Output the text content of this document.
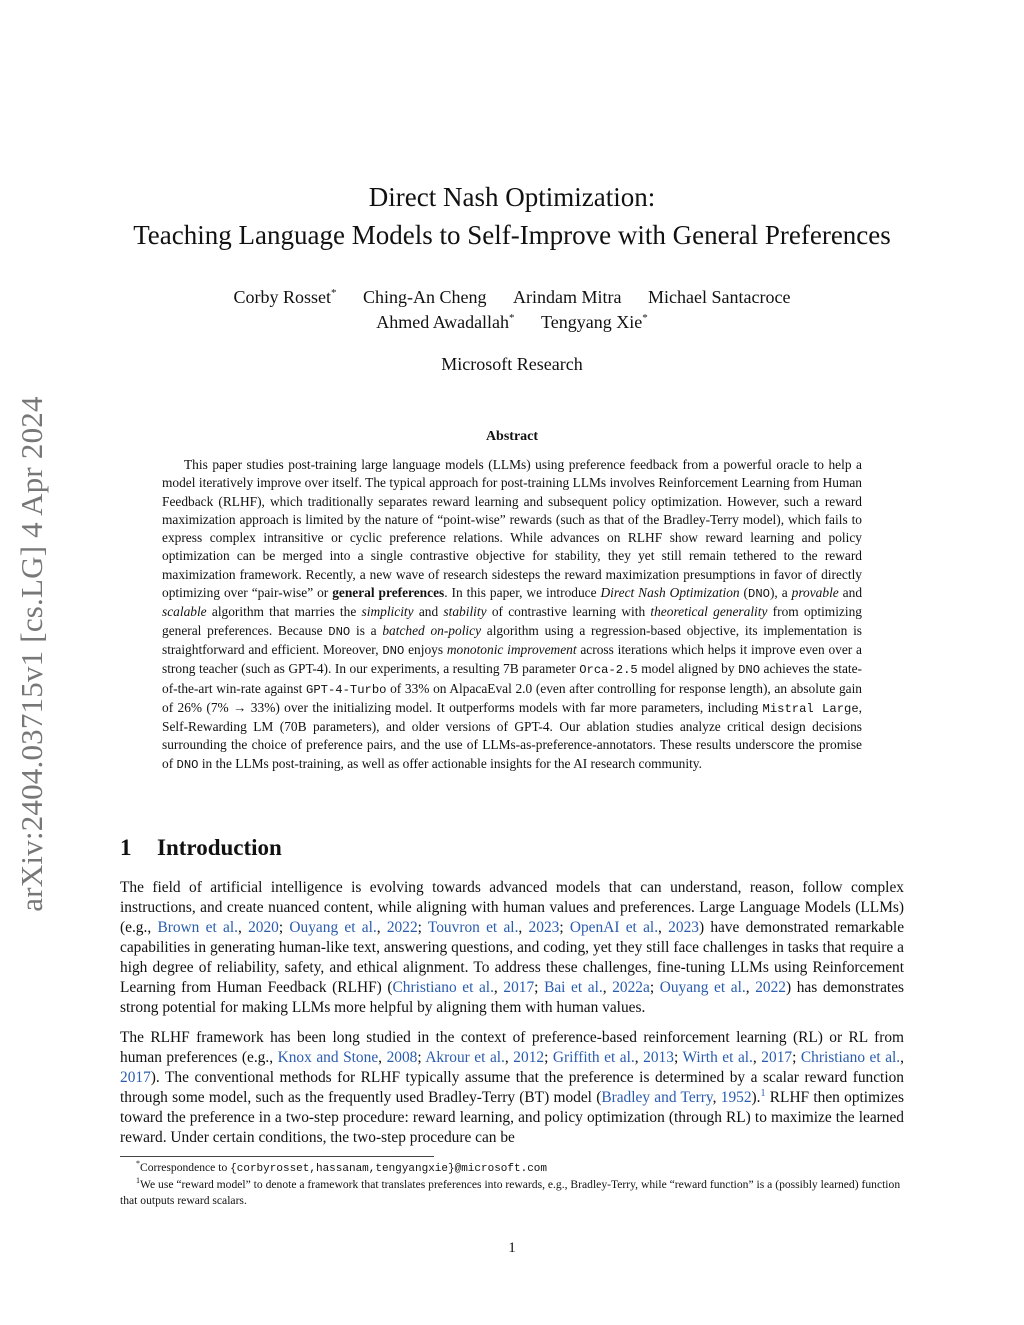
arXiv:2404.03715v1 [cs.LG] 4 Apr 2024
Direct Nash Optimization:
Teaching Language Models to Self-Improve with General Preferences
Corby Rosset* Ching-An Cheng Arindam Mitra Michael Santacroce
Ahmed Awadallah* Tengyang Xie*
Microsoft Research
Abstract

This paper studies post-training large language models (LLMs) using preference feedback from a powerful oracle to help a model iteratively improve over itself. The typical approach for post-training LLMs involves Reinforcement Learning from Human Feedback (RLHF), which traditionally separates reward learning and subsequent policy optimization. However, such a reward maximization approach is limited by the nature of “point-wise” rewards (such as that of the Bradley-Terry model), which fails to express complex intransitive or cyclic preference relations. While advances on RLHF show reward learning and policy optimization can be merged into a single contrastive objective for stability, they yet still remain tethered to the reward maximization framework. Recently, a new wave of research sidesteps the reward maximization presumptions in favor of directly optimizing over “pair-wise” or general preferences. In this paper, we introduce Direct Nash Optimization (DNO), a provable and scalable algorithm that marries the simplicity and stability of contrastive learning with theoretical generality from optimizing general preferences. Because DNO is a batched on-policy algorithm using a regression-based objective, its implementation is straightforward and efficient. Moreover, DNO enjoys monotonic improvement across iterations which helps it improve even over a strong teacher (such as GPT-4). In our experiments, a resulting 7B parameter Orca-2.5 model aligned by DNO achieves the state-of-the-art win-rate against GPT-4-Turbo of 33% on AlpacaEval 2.0 (even after controlling for response length), an absolute gain of 26% (7% → 33%) over the initializing model. It outperforms models with far more parameters, including Mistral Large, Self-Rewarding LM (70B parameters), and older versions of GPT-4. Our ablation studies analyze critical design decisions surrounding the choice of preference pairs, and the use of LLMs-as-preference-annotators. These results underscore the promise of DNO in the LLMs post-training, as well as offer actionable insights for the AI research community.

1 Introduction

The field of artificial intelligence is evolving towards advanced models that can understand, reason, follow complex instructions, and create nuanced content, while aligning with human values and preferences. Large Language Models (LLMs) (e.g., Brown et al., 2020; Ouyang et al., 2022; Touvron et al., 2023; OpenAI et al., 2023) have demonstrated remarkable capabilities in generating human-like text, answering questions, and coding, yet they still face challenges in tasks that require a high degree of reliability, safety, and ethical alignment. To address these challenges, fine-tuning LLMs using Reinforcement Learning from Human Feedback (RLHF) (Christiano et al., 2017; Bai et al., 2022a; Ouyang et al., 2022) has demonstrates strong potential for making LLMs more helpful by aligning them with human values.

The RLHF framework has been long studied in the context of preference-based reinforcement learning (RL) or RL from human preferences (e.g., Knox and Stone, 2008; Akrour et al., 2012; Griffith et al., 2013; Wirth et al., 2017; Christiano et al., 2017). The conventional methods for RLHF typically assume that the preference is determined by a scalar reward function through some model, such as the frequently used Bradley-Terry (BT) model (Bradley and Terry, 1952).$^1$ RLHF then optimizes toward the preference in a two-step procedure: reward learning, and policy optimization (through RL) to maximize the learned reward. Under certain conditions, the two-step procedure can be

*Correspondence to {corbyrosset,hassanam,tengyangxie}@microsoft.com

$^1$We use “reward model” to denote a framework that translates preferences into rewards, e.g., Bradley-Terry, while “reward function” is a (possibly learned) function that outputs reward scalars.

1
